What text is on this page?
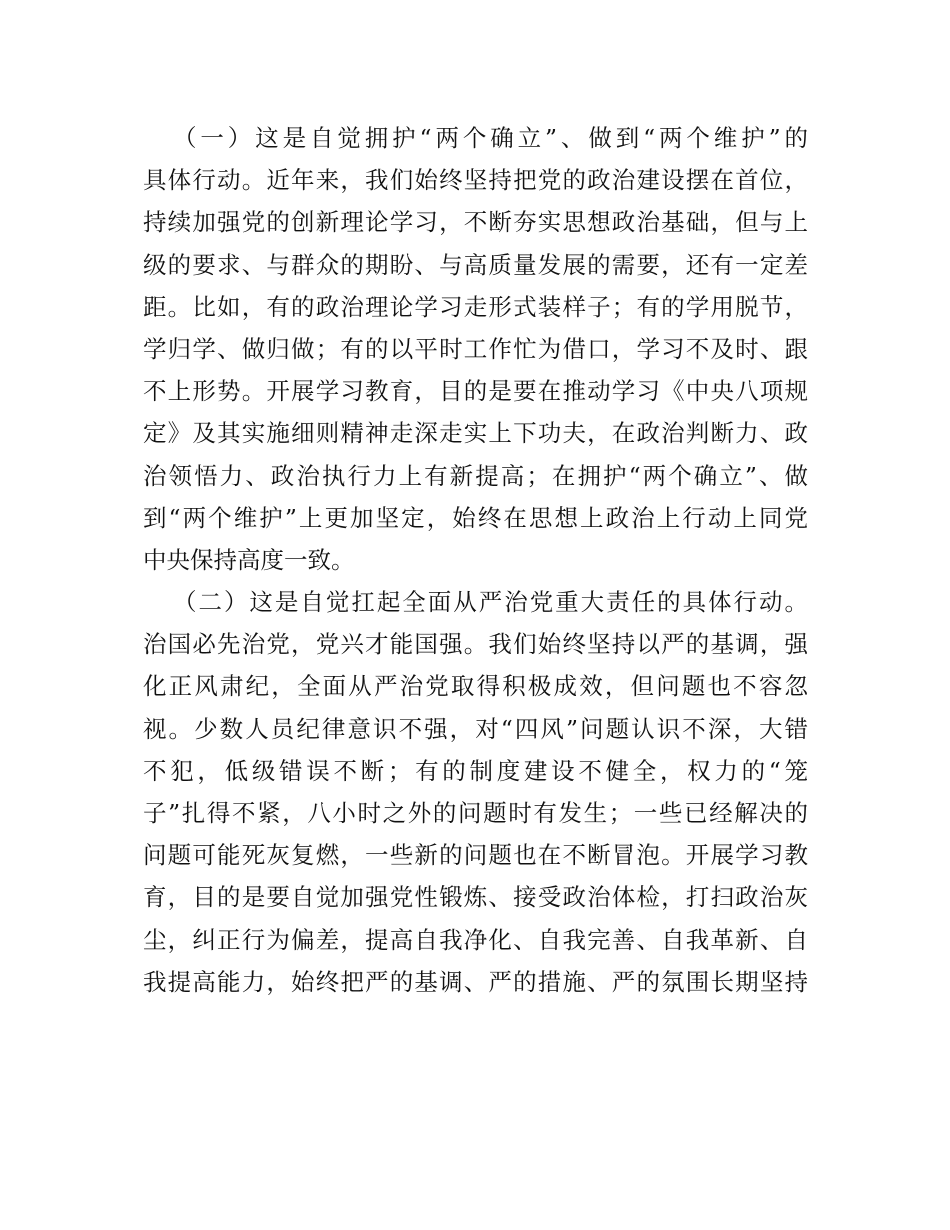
（一）这是自觉拥护“两个确立”、做到“两个维护”的
具体行动。近年来，我们始终坚持把党的政治建设摆在首位，
持续加强党的创新理论学习，不断夯实思想政治基础，但与上
级的要求、与群众的期盼、与高质量发展的需要，还有一定差
距。比如，有的政治理论学习走形式装样子；有的学用脱节，
学归学、做归做；有的以平时工作忙为借口，学习不及时、跟
不上形势。开展学习教育，目的是要在推动学习《中央八项规
定》及其实施细则精神走深走实上下功夫，在政治判断力、政
治领悟力、政治执行力上有新提高；在拥护“两个确立”、做
到“两个维护”上更加坚定，始终在思想上政治上行动上同党
中央保持高度一致。
（二）这是自觉扛起全面从严治党重大责任的具体行动。
治国必先治党，党兴才能国强。我们始终坚持以严的基调，强
化正风肃纪，全面从严治党取得积极成效，但问题也不容忽
视。少数人员纪律意识不强，对“四风”问题认识不深，大错
不犯，低级错误不断；有的制度建设不健全，权力的“笼
子”扎得不紧，八小时之外的问题时有发生；一些已经解决的
问题可能死灰复燃，一些新的问题也在不断冒泡。开展学习教
育，目的是要自觉加强党性锻炼、接受政治体检，打扫政治灰
尘，纠正行为偏差，提高自我净化、自我完善、自我革新、自
我提高能力，始终把严的基调、严的措施、严的氛围长期坚持
